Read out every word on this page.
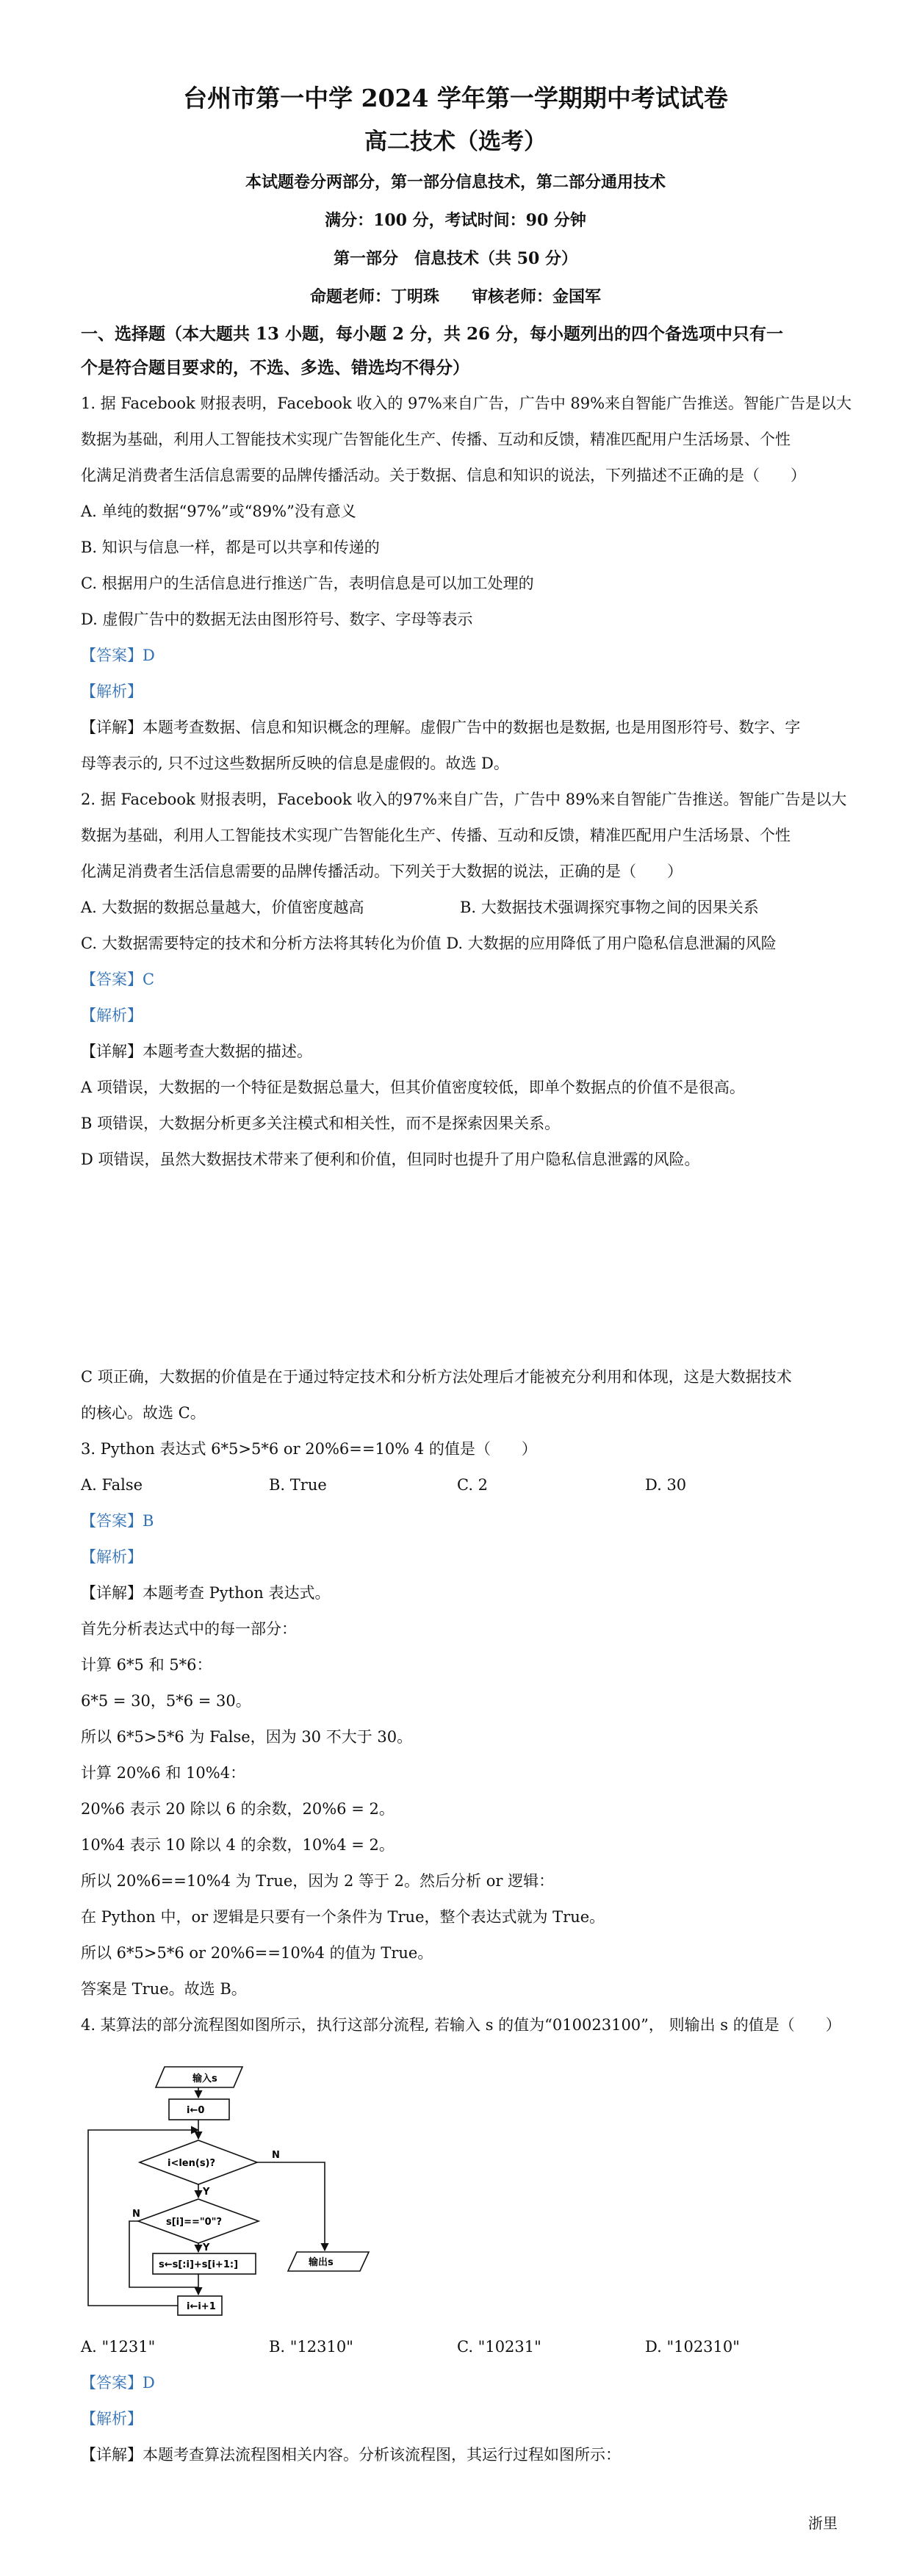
台州市第一中学 2024 学年第一学期期中考试试卷
高二技术（选考）
本试题卷分两部分，第一部分信息技术，第二部分通用技术
满分：100 分，考试时间：90 分钟
第一部分　信息技术（共 50 分）
命题老师：丁明珠　　审核老师：金国军
一、选择题（本大题共 13 小题，每小题 2 分，共 26 分，每小题列出的四个备选项中只有一
个是符合题目要求的，不选、多选、错选均不得分）
1. 据 Facebook 财报表明，Facebook 收入的 97%来自广告，广告中 89%来自智能广告推送。智能广告是以大
数据为基础，利用人工智能技术实现广告智能化生产、传播、互动和反馈，精准匹配用户生活场景、个性
化满足消费者生活信息需要的品牌传播活动。关于数据、信息和知识的说法，下列描述不正确的是（　　）
A. 单纯的数据“97%”或“89%”没有意义
B. 知识与信息一样，都是可以共享和传递的
C. 根据用户的生活信息进行推送广告，表明信息是可以加工处理的
D. 虚假广告中的数据无法由图形符号、数字、字母等表示
【答案】D
【解析】
【详解】本题考查数据、信息和知识概念的理解。虚假广告中的数据也是数据, 也是用图形符号、数字、字
母等表示的, 只不过这些数据所反映的信息是虚假的。故选 D。
2. 据 Facebook 财报表明，Facebook 收入的97%来自广告，广告中 89%来自智能广告推送。智能广告是以大
数据为基础，利用人工智能技术实现广告智能化生产、传播、互动和反馈，精准匹配用户生活场景、个性
化满足消费者生活信息需要的品牌传播活动。下列关于大数据的说法，正确的是（　　）
A. 大数据的数据总量越大，价值密度越高	B. 大数据技术强调探究事物之间的因果关系
C. 大数据需要特定的技术和分析方法将其转化为价值 D. 大数据的应用降低了用户隐私信息泄漏的风险
【答案】C
【解析】
【详解】本题考查大数据的描述。
A 项错误，大数据的一个特征是数据总量大，但其价值密度较低，即单个数据点的价值不是很高。
B 项错误，大数据分析更多关注模式和相关性，而不是探索因果关系。
D 项错误，虽然大数据技术带来了便利和价值，但同时也提升了用户隐私信息泄露的风险。
C 项正确，大数据的价值是在于通过特定技术和分析方法处理后才能被充分利用和体现，这是大数据技术
的核心。故选 C。
3. Python 表达式 6*5>5*6 or 20%6==10% 4 的值是（　　）
A. False	B. True	C. 2	D. 30
【答案】B
【解析】
【详解】本题考查 Python 表达式。
首先分析表达式中的每一部分：
计算 6*5 和 5*6：
6*5 = 30，5*6 = 30。
所以 6*5>5*6 为 False，因为 30 不大于 30。
计算 20%6 和 10%4：
20%6 表示 20 除以 6 的余数，20%6 = 2。
10%4 表示 10 除以 4 的余数，10%4 = 2。
所以 20%6==10%4 为 True，因为 2 等于 2。然后分析 or 逻辑：
在 Python 中，or 逻辑是只要有一个条件为 True，整个表达式就为 True。
所以 6*5>5*6 or 20%6==10%4 的值为 True。
答案是 True。故选 B。
4. 某算法的部分流程图如图所示，执行这部分流程, 若输入 s 的值为“010023100”， 则输出 s 的值是（　　）
输入s
i←0
i<len(s)?
s[i]=="0"?
s←s[:i]+s[i+1:]
i←i+1
输出s
Y
N
Y
N
A. "1231"	B. "12310"	C. "10231"	D. "102310"
【答案】D
【解析】
【详解】本题考查算法流程图相关内容。分析该流程图，其运行过程如图所示：
浙里
